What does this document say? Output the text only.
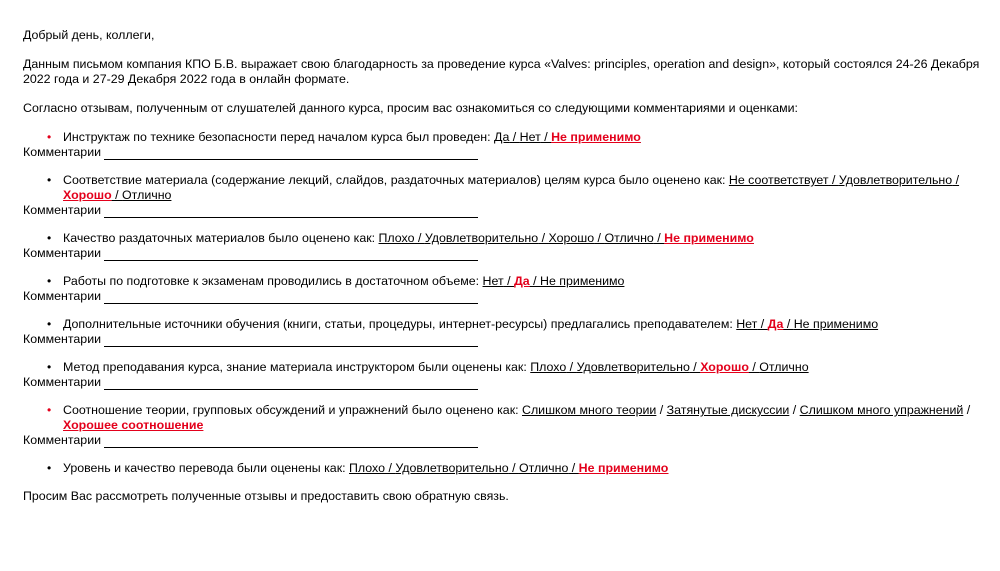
Добрый день, коллеги,

Данным письмом компания КПО Б.В. выражает свою благодарность за проведение курса «Valves: principles, operation and design», который состоялся 24-26 Декабря 2022 года и 27-29 Декабря 2022 года в онлайн формате.

Согласно отзывам, полученным от слушателей данного курса, просим вас ознакомиться со следующими комментариями и оценками:

• Инструктаж по технике безопасности перед началом курса был проведен: Да / Нет / Не применимо
Комментарии
• Соответствие материала (содержание лекций, слайдов, раздаточных материалов) целям курса было оценено как: Не соответствует / Удовлетворительно / Хорошо / Отлично
Комментарии
• Качество раздаточных материалов было оценено как: Плохо / Удовлетворительно / Хорошо / Отлично / Не применимо
Комментарии
• Работы по подготовке к экзаменам проводились в достаточном объеме: Нет / Да / Не применимо
Комментарии
• Дополнительные источники обучения (книги, статьи, процедуры, интернет-ресурсы) предлагались преподавателем: Нет / Да / Не применимо
Комментарии
• Метод преподавания курса, знание материала инструктором были оценены как: Плохо / Удовлетворительно / Хорошо / Отлично
Комментарии
• Соотношение теории, групповых обсуждений и упражнений было оценено как: Слишком много теории / Затянутые дискуссии / Слишком много упражнений / Хорошее соотношение
Комментарии
• Уровень и качество перевода были оценены как: Плохо / Удовлетворительно / Отлично / Не применимо

Просим Вас рассмотреть полученные отзывы и предоставить свою обратную связь.
